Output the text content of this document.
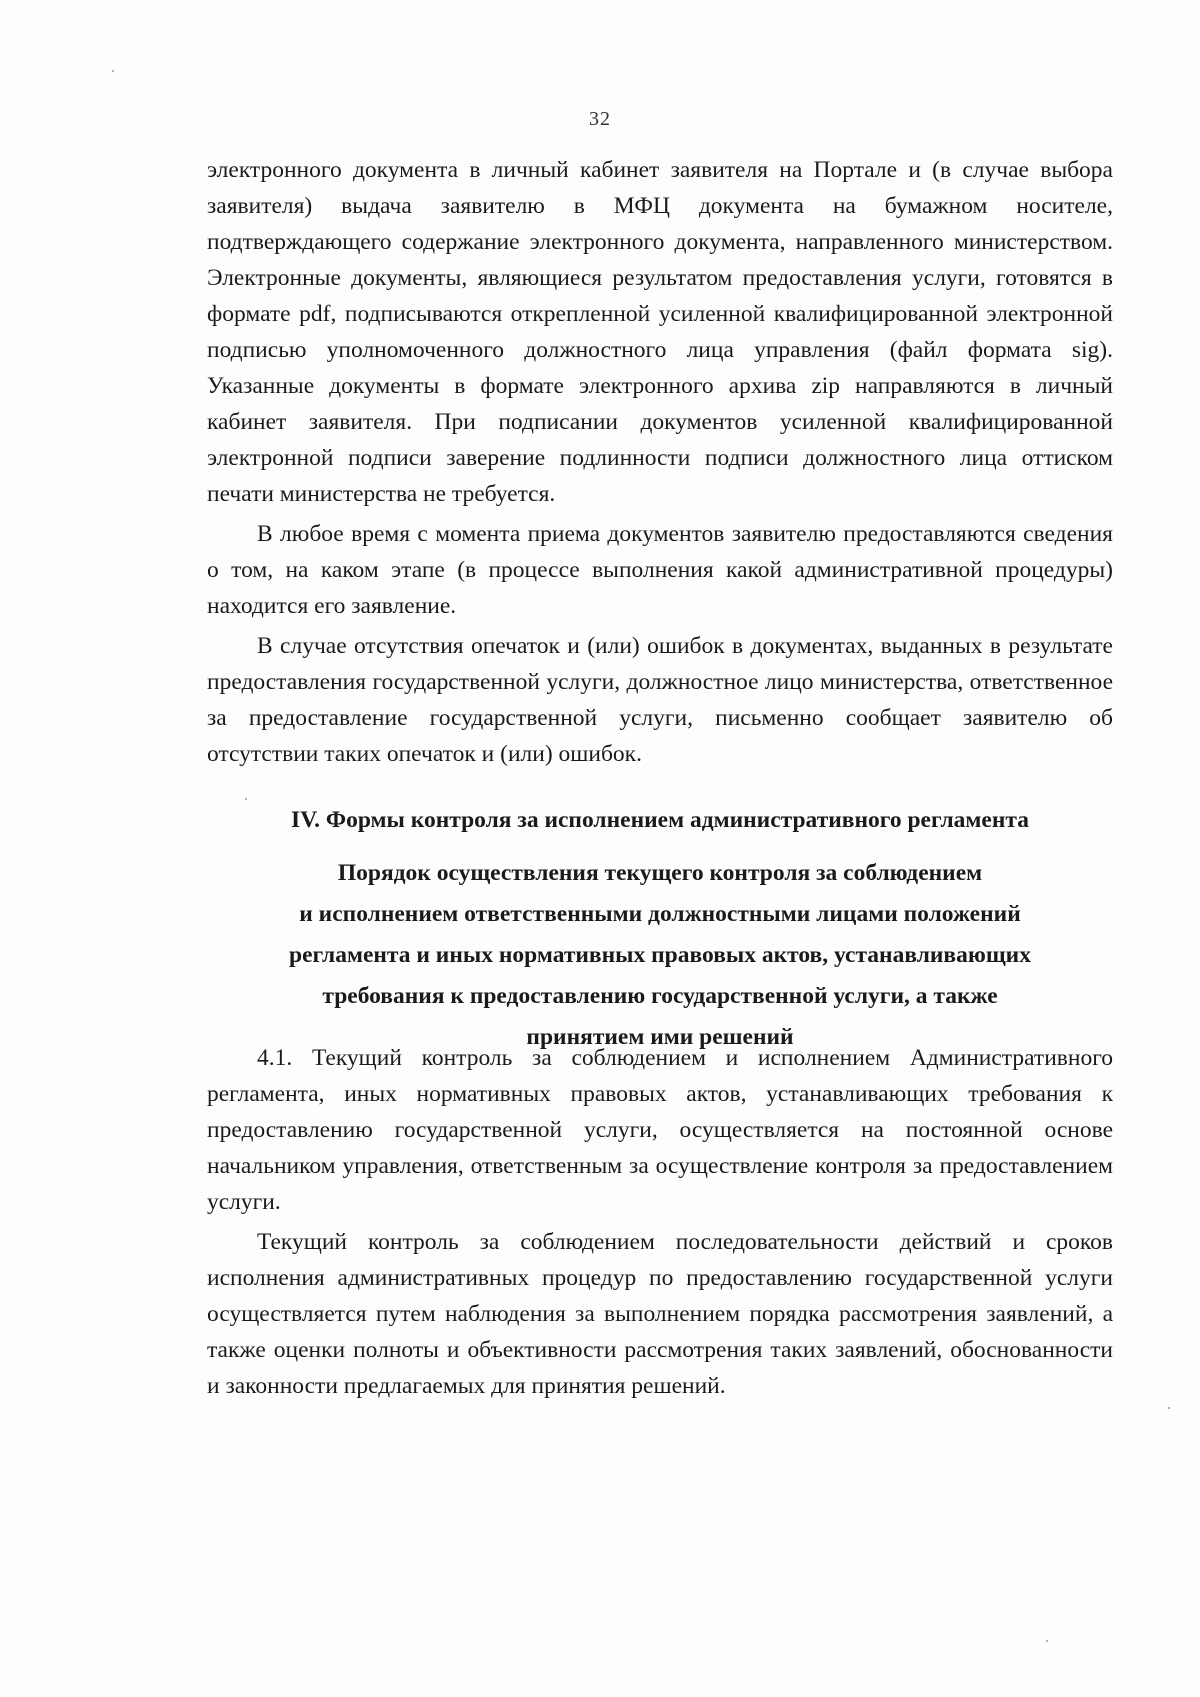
32

электронного документа в личный кабинет заявителя на Портале и (в случае выбора заявителя) выдача заявителю в МФЦ документа на бумажном носителе, подтверждающего содержание электронного документа, направленного министерством. Электронные документы, являющиеся результатом предоставления услуги, готовятся в формате pdf, подписываются открепленной усиленной квалифицированной электронной подписью уполномоченного должностного лица управления (файл формата sig). Указанные документы в формате электронного архива zip направляются в личный кабинет заявителя. При подписании документов усиленной квалифицированной электронной подписи заверение подлинности подписи должностного лица оттиском печати министерства не требуется.

В любое время с момента приема документов заявителю предоставляются сведения о том, на каком этапе (в процессе выполнения какой административной процедуры) находится его заявление.

В случае отсутствия опечаток и (или) ошибок в документах, выданных в результате предоставления государственной услуги, должностное лицо министерства, ответственное за предоставление государственной услуги, письменно сообщает заявителю об отсутствии таких опечаток и (или) ошибок.

IV. Формы контроля за исполнением административного регламента
Порядок осуществления текущего контроля за соблюдением
и исполнением ответственными должностными лицами положений
регламента и иных нормативных правовых актов, устанавливающих
требования к предоставлению государственной услуги, а также
принятием ими решений

4.1. Текущий контроль за соблюдением и исполнением Административного регламента, иных нормативных правовых актов, устанавливающих требования к предоставлению государственной услуги, осуществляется на постоянной основе начальником управления, ответственным за осуществление контроля за предоставлением услуги.

Текущий контроль за соблюдением последовательности действий и сроков исполнения административных процедур по предоставлению государственной услуги осуществляется путем наблюдения за выполнением порядка рассмотрения заявлений, а также оценки полноты и объективности рассмотрения таких заявлений, обоснованности и законности предлагаемых для принятия решений.
